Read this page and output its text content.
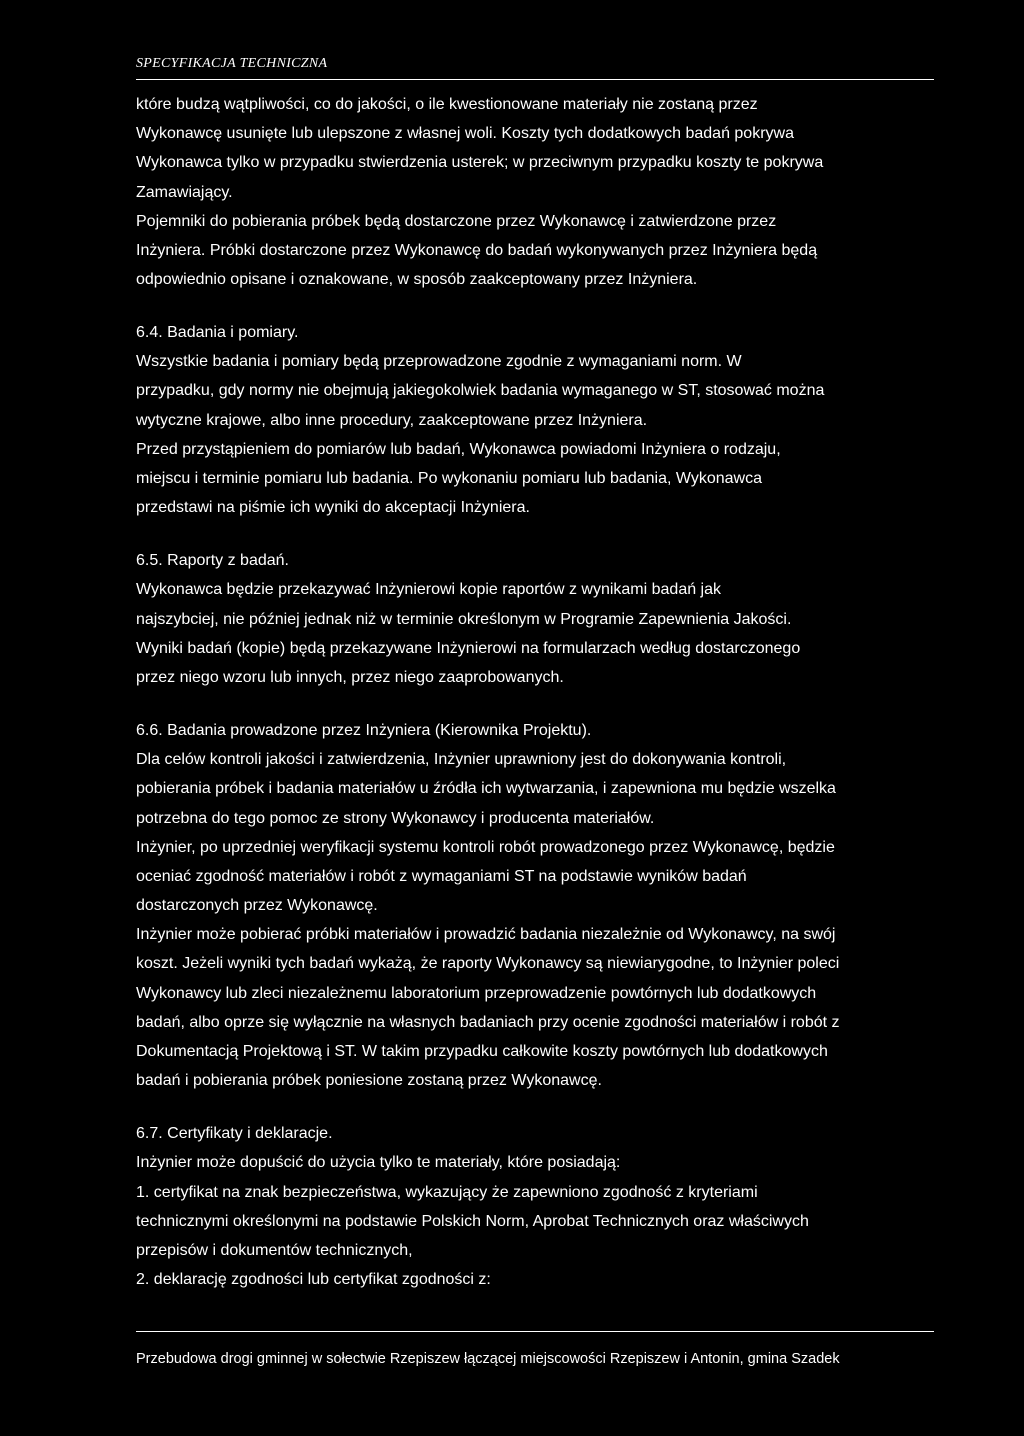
SPECYFIKACJA TECHNICZNA
które budzą wątpliwości, co do jakości, o ile kwestionowane materiały nie zostaną przez
Wykonawcę usunięte lub ulepszone z własnej woli. Koszty tych dodatkowych badań pokrywa
Wykonawca tylko w przypadku stwierdzenia usterek; w przeciwnym przypadku koszty te pokrywa
Zamawiający.
Pojemniki do pobierania próbek będą dostarczone przez Wykonawcę i zatwierdzone przez
Inżyniera. Próbki dostarczone przez Wykonawcę do badań wykonywanych przez Inżyniera będą
odpowiednio opisane i oznakowane, w sposób zaakceptowany przez Inżyniera.
6.4. Badania i pomiary.
Wszystkie badania i pomiary będą przeprowadzone zgodnie z wymaganiami norm. W
przypadku, gdy normy nie obejmują jakiegokolwiek badania wymaganego w ST, stosować można
wytyczne krajowe, albo inne procedury, zaakceptowane przez Inżyniera.
Przed przystąpieniem do pomiarów lub badań, Wykonawca powiadomi Inżyniera o rodzaju,
miejscu i terminie pomiaru lub badania. Po wykonaniu pomiaru lub badania, Wykonawca
przedstawi na piśmie ich wyniki do akceptacji Inżyniera.
6.5. Raporty z badań.
Wykonawca będzie przekazywać Inżynierowi kopie raportów z wynikami badań jak
najszybciej, nie później jednak niż w terminie określonym w Programie Zapewnienia Jakości.
Wyniki badań (kopie) będą przekazywane Inżynierowi na formularzach według dostarczonego
przez niego wzoru lub innych, przez niego zaaprobowanych.
6.6. Badania prowadzone przez Inżyniera (Kierownika Projektu).
Dla celów kontroli jakości i zatwierdzenia, Inżynier uprawniony jest do dokonywania kontroli,
pobierania próbek i badania materiałów u źródła ich wytwarzania, i zapewniona mu będzie wszelka
potrzebna do tego pomoc ze strony Wykonawcy i producenta materiałów.
Inżynier, po uprzedniej weryfikacji systemu kontroli robót prowadzonego przez Wykonawcę, będzie
oceniać zgodność materiałów i robót z wymaganiami ST na podstawie wyników badań
dostarczonych przez Wykonawcę.
Inżynier może pobierać próbki materiałów i prowadzić badania niezależnie od Wykonawcy, na swój
koszt. Jeżeli wyniki tych badań wykażą, że raporty Wykonawcy są niewiarygodne, to Inżynier poleci
Wykonawcy lub zleci niezależnemu laboratorium przeprowadzenie powtórnych lub dodatkowych
badań, albo oprze się wyłącznie na własnych badaniach przy ocenie zgodności materiałów i robót z
Dokumentacją Projektową i ST. W takim przypadku całkowite koszty powtórnych lub dodatkowych
badań i pobierania próbek poniesione zostaną przez Wykonawcę.
6.7. Certyfikaty i deklaracje.
Inżynier może dopuścić do użycia tylko te materiały, które posiadają:
1. certyfikat na znak bezpieczeństwa, wykazujący że zapewniono zgodność z kryteriami
technicznymi określonymi na podstawie Polskich Norm, Aprobat Technicznych oraz właściwych
przepisów i dokumentów technicznych,
2. deklarację zgodności lub certyfikat zgodności z:
Przebudowa drogi gminnej w sołectwie Rzepiszew łączącej miejscowości Rzepiszew i Antonin, gmina Szadek
